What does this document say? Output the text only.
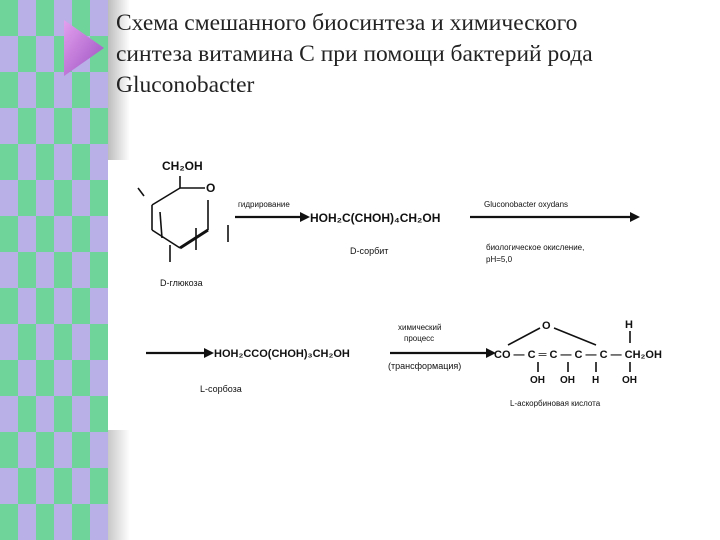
Схема смешанного биосинтеза и химического
синтеза витамина С при помощи бактерий рода
Gluconobacter
CH₂OH
O
D-глюкоза
гидрирование
HOH₂C(CHOH)₄CH₂OH
D-сорбит
Gluconobacter oxydans
биологическое окисление,
pH=5,0
HOH₂CCO(CHOH)₃CH₂OH
L-сорбоза
химический
процесс
(трансформация)
O	H
CO — C ═ C — C — C — CH₂OH
OH OH H OH
L-аскорбиновая кислота
